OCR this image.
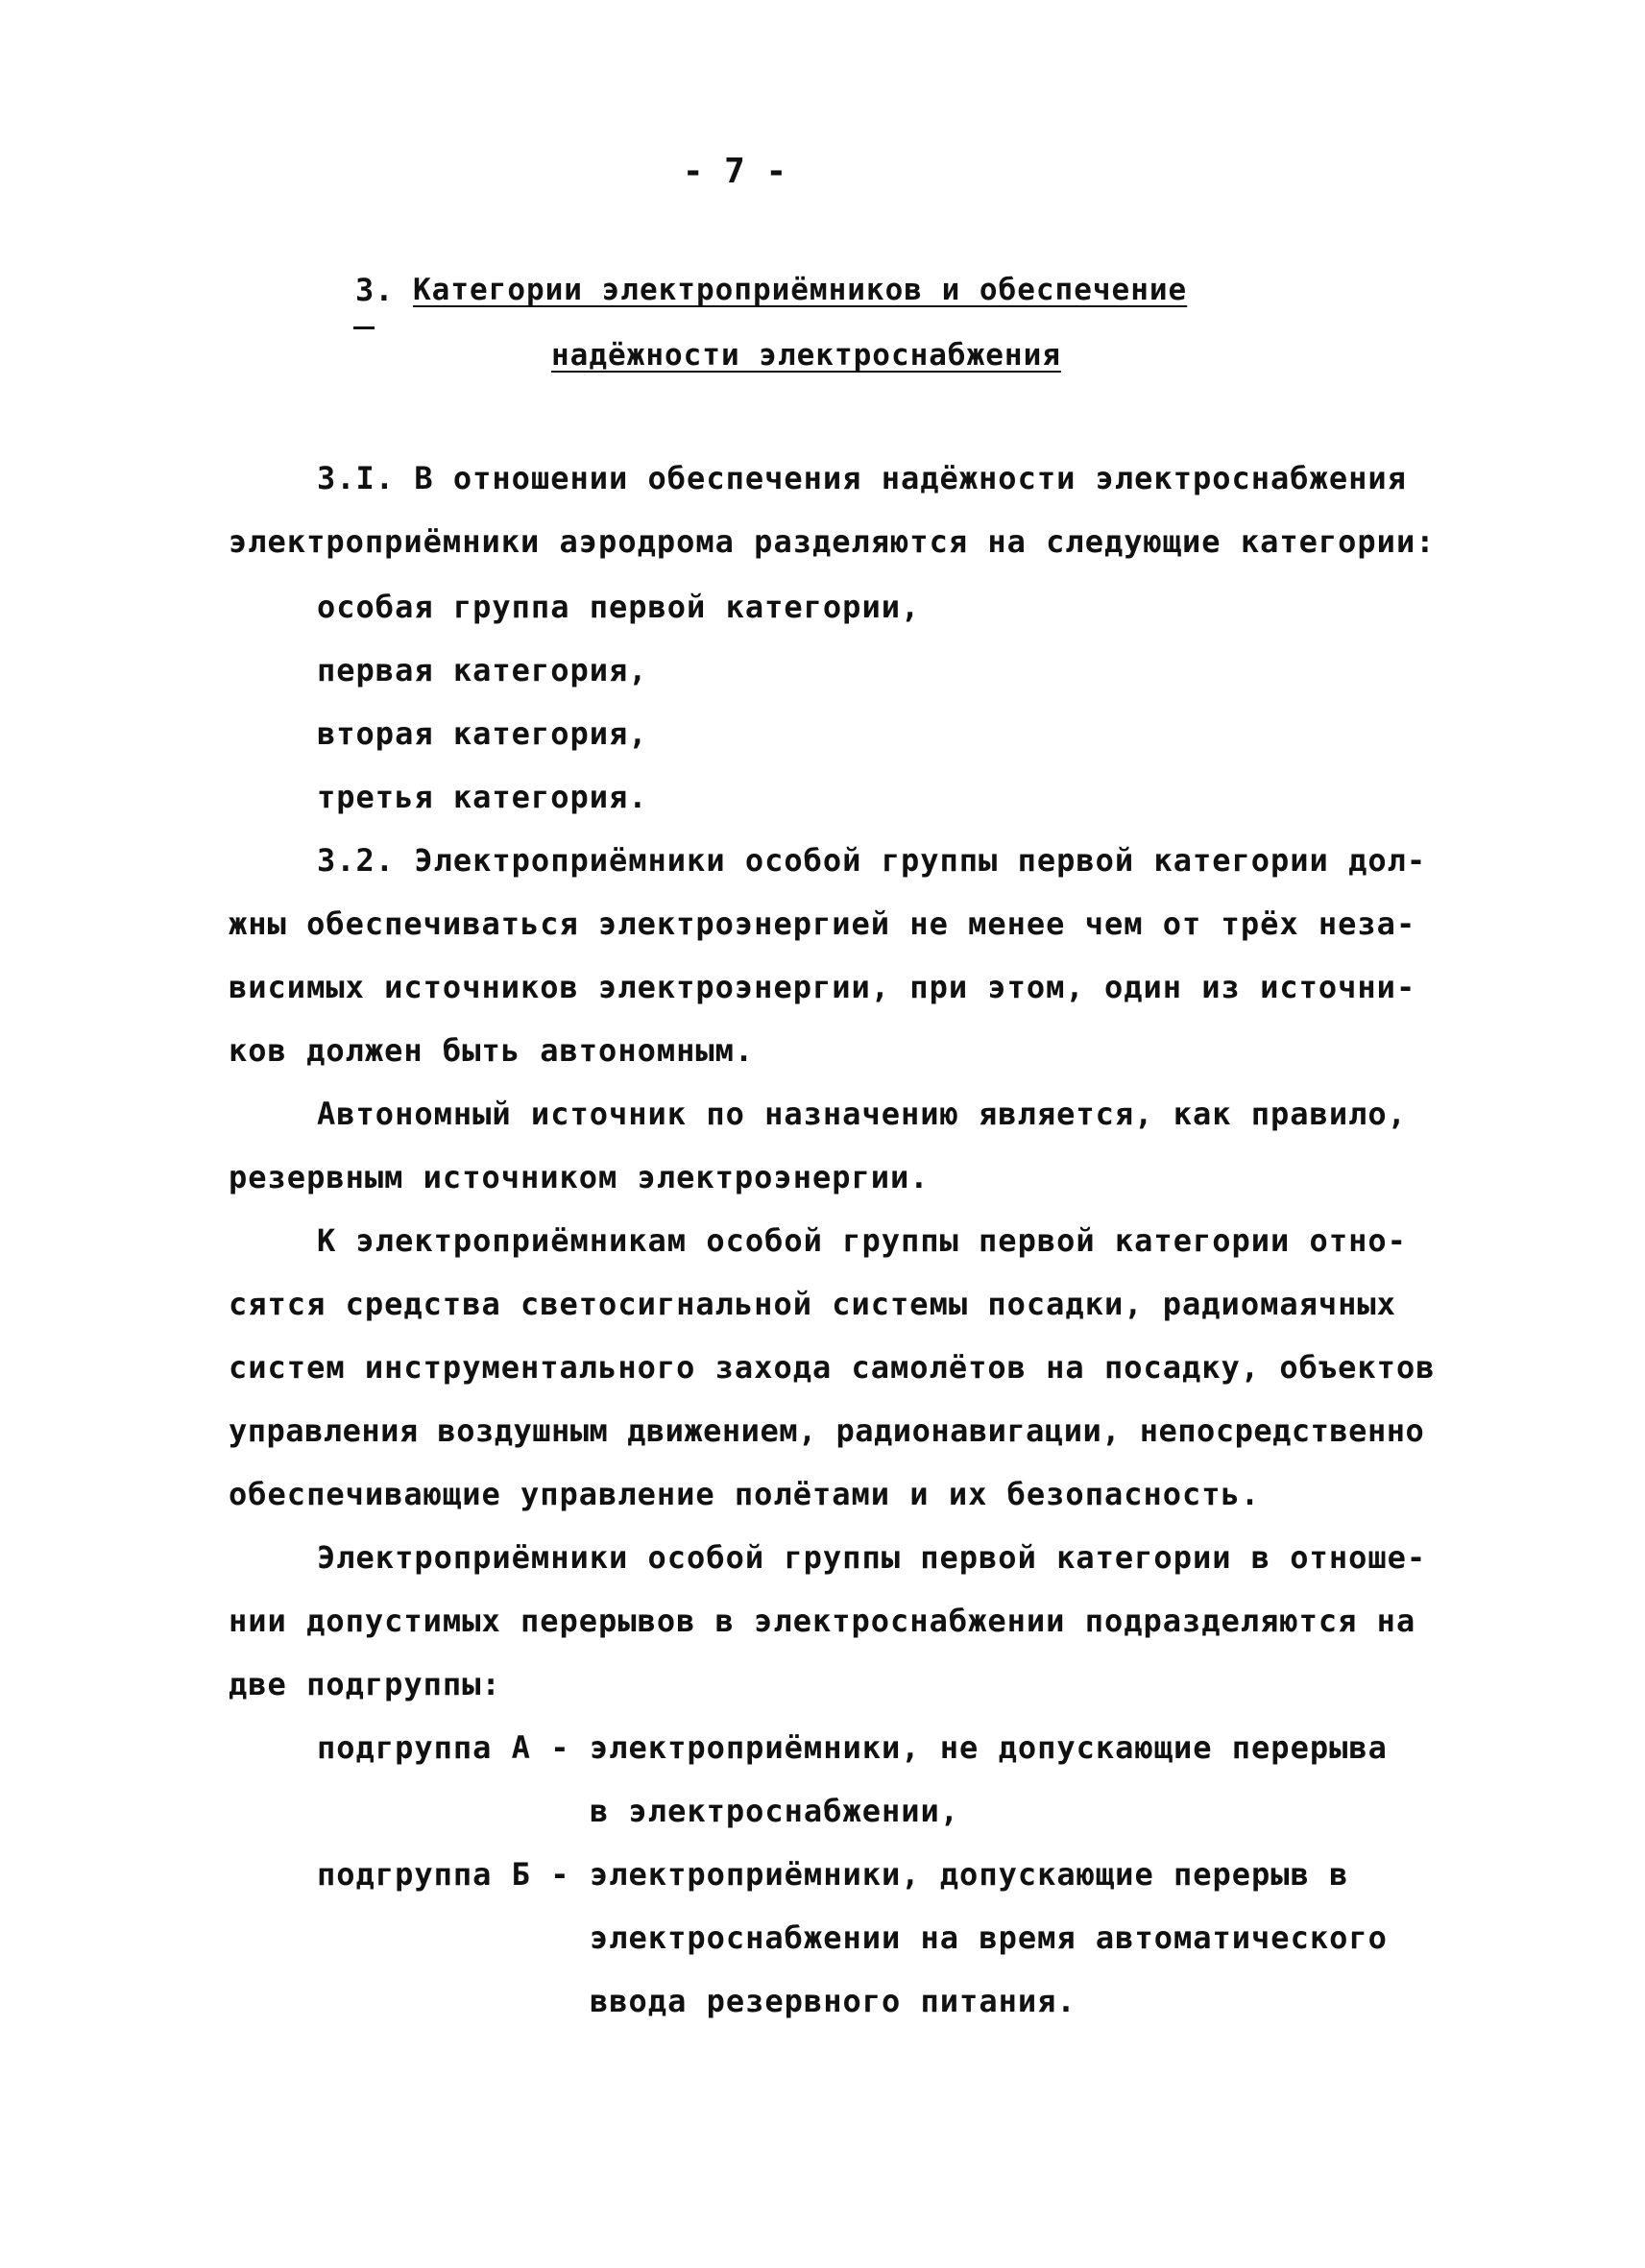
- 7 -
3. Категории электроприёмников и обеспечение
надёжности электроснабжения
3.I. В отношении обеспечения надёжности электроснабжения
электроприёмники аэродрома разделяются на следующие категории:
особая группа первой категории,
первая категория,
вторая категория,
третья категория.
3.2. Электроприёмники особой группы первой категории дол-
жны обеспечиваться электроэнергией не менее чем от трёх неза-
висимых источников электроэнергии, при этом, один из источни-
ков должен быть автономным.
Автономный источник по назначению является, как правило,
резервным источником электроэнергии.
К электроприёмникам особой группы первой категории отно-
сятся средства светосигнальной системы посадки, радиомаячных
систем инструментального захода самолётов на посадку, объектов
управления воздушным движением, радионавигации, непосредственно
обеспечивающие управление полётами и их безопасность.
Электроприёмники особой группы первой категории в отноше-
нии допустимых перерывов в электроснабжении подразделяются на
две подгруппы:
подгруппа А - электроприёмники, не допускающие перерыва
в электроснабжении,
подгруппа Б - электроприёмники, допускающие перерыв в
электроснабжении на время автоматического
ввода резервного питания.
